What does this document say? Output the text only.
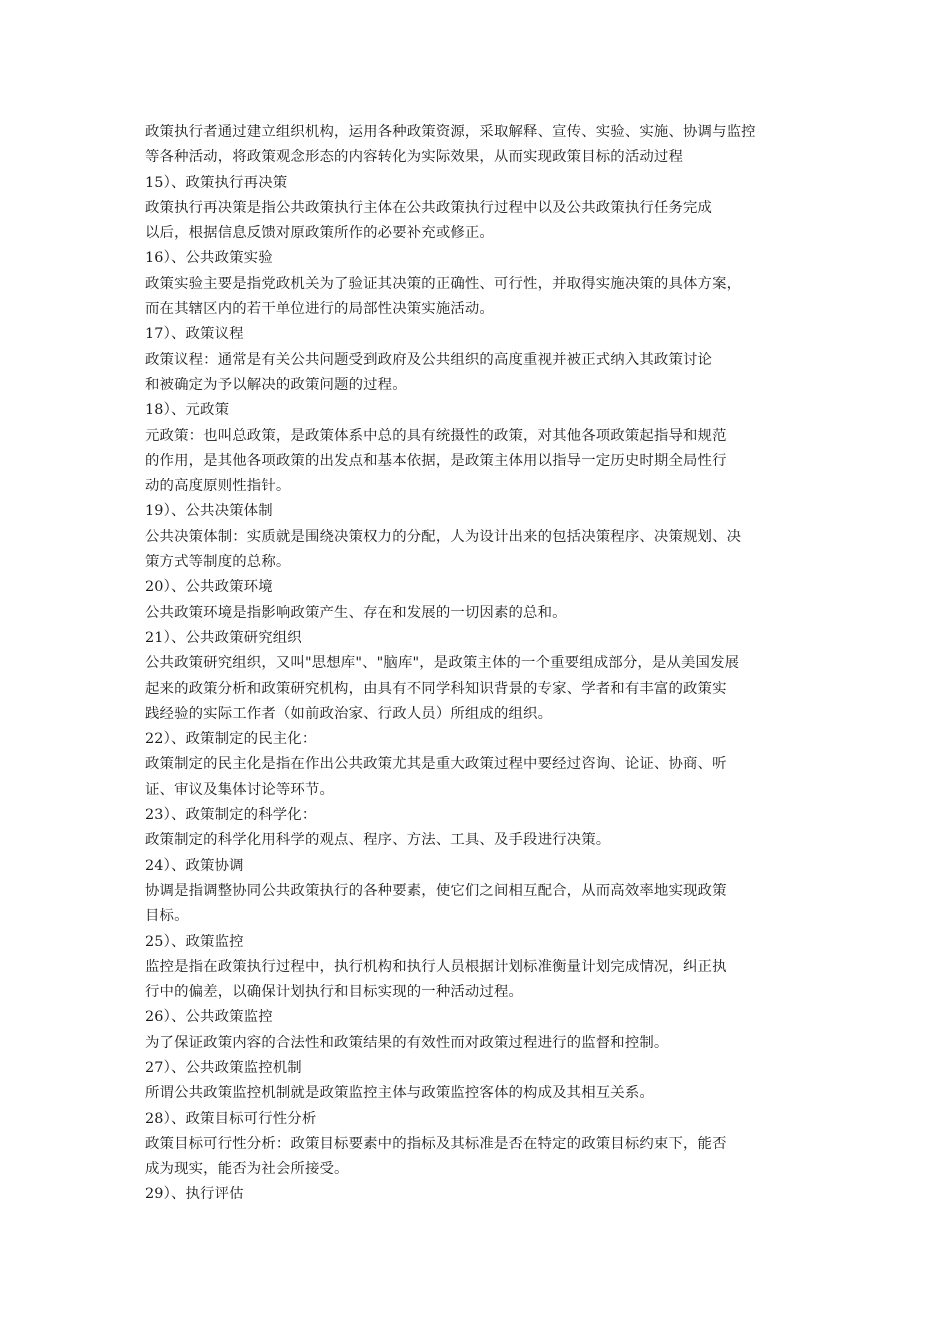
政策执行者通过建立组织机构，运用各种政策资源，采取解释、宣传、实验、实施、协调与监控
等各种活动，将政策观念形态的内容转化为实际效果，从而实现政策目标的活动过程
15）、政策执行再决策
政策执行再决策是指公共政策执行主体在公共政策执行过程中以及公共政策执行任务完成
以后，根据信息反馈对原政策所作的必要补充或修正。
16）、公共政策实验
政策实验主要是指党政机关为了验证其决策的正确性、可行性，并取得实施决策的具体方案，
而在其辖区内的若干单位进行的局部性决策实施活动。
17）、政策议程
政策议程：通常是有关公共问题受到政府及公共组织的高度重视并被正式纳入其政策讨论
和被确定为予以解决的政策问题的过程。
18）、元政策
元政策：也叫总政策，是政策体系中总的具有统摄性的政策，对其他各项政策起指导和规范
的作用，是其他各项政策的出发点和基本依据，是政策主体用以指导一定历史时期全局性行
动的高度原则性指针。
19）、公共决策体制
公共决策体制：实质就是围绕决策权力的分配，人为设计出来的包括决策程序、决策规划、决
策方式等制度的总称。
20）、公共政策环境
公共政策环境是指影响政策产生、存在和发展的一切因素的总和。
21）、公共政策研究组织
公共政策研究组织，又叫"思想库"、"脑库"，是政策主体的一个重要组成部分，是从美国发展
起来的政策分析和政策研究机构，由具有不同学科知识背景的专家、学者和有丰富的政策实
践经验的实际工作者（如前政治家、行政人员）所组成的组织。
22）、政策制定的民主化：
政策制定的民主化是指在作出公共政策尤其是重大政策过程中要经过咨询、论证、协商、听
证、审议及集体讨论等环节。
23）、政策制定的科学化：
政策制定的科学化用科学的观点、程序、方法、工具、及手段进行决策。
24）、政策协调
协调是指调整协同公共政策执行的各种要素，使它们之间相互配合，从而高效率地实现政策
目标。
25）、政策监控
监控是指在政策执行过程中，执行机构和执行人员根据计划标准衡量计划完成情况，纠正执
行中的偏差，以确保计划执行和目标实现的一种活动过程。
26）、公共政策监控
为了保证政策内容的合法性和政策结果的有效性而对政策过程进行的监督和控制。
27）、公共政策监控机制
所谓公共政策监控机制就是政策监控主体与政策监控客体的构成及其相互关系。
28）、政策目标可行性分析
政策目标可行性分析：政策目标要素中的指标及其标准是否在特定的政策目标约束下，能否
成为现实，能否为社会所接受。
29）、执行评估
